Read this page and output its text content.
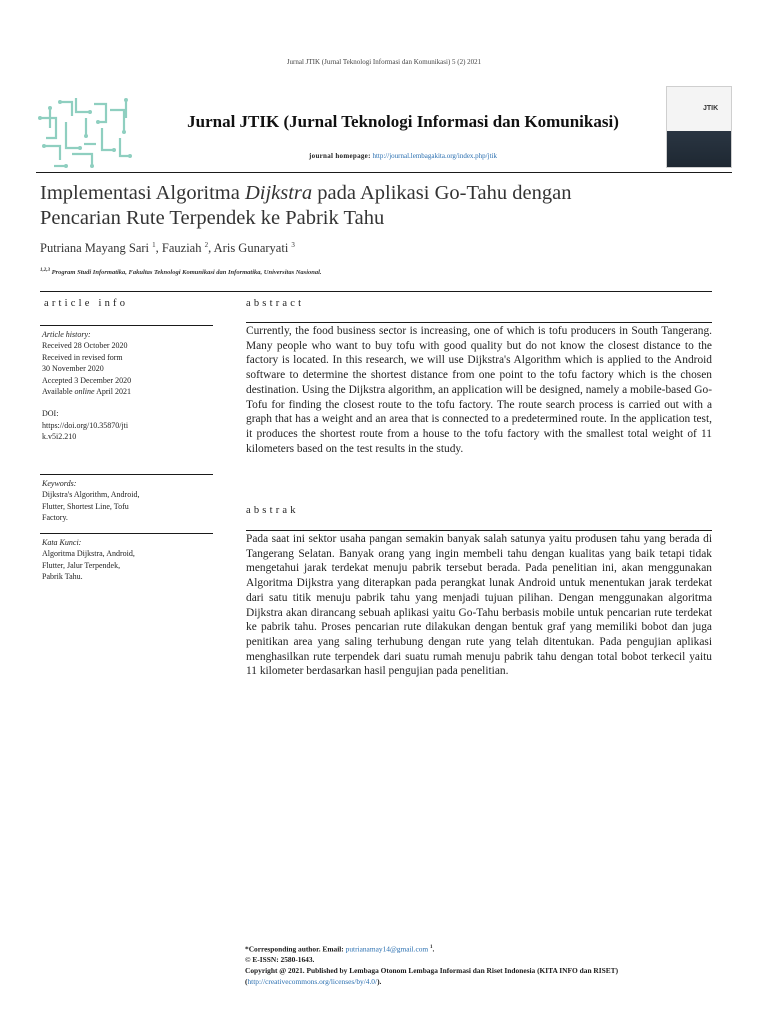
Jurnal JTIK (Jurnal Teknologi Informasi dan Komunikasi) 5 (2) 2021
Jurnal JTIK (Jurnal Teknologi Informasi dan Komunikasi)
journal homepage: http://journal.lembagakita.org/index.php/jtik
JTIK
Implementasi Algoritma Dijkstra pada Aplikasi Go-Tahu dengan
Pencarian Rute Terpendek ke Pabrik Tahu
Putriana Mayang Sari $^1$, Fauziah $^2$, Aris Gunaryati $^3$
$^{1,2,3}$ Program Studi Informatika, Fakultas Teknologi Komunikasi dan Informatika, Universitas Nasional.
article info	abstract
Article history:
Received 28 October 2020
Received in revised form
30 November 2020
Accepted 3 December 2020
Available online April 2021
DOI:
https://doi.org/10.35870/jti
k.v5i2.210
Keywords:
Dijkstra's Algorithm, Android,
Flutter, Shortest Line, Tofu
Factory.
Kata Kunci:
Algoritma Dijkstra, Android,
Flutter, Jalur Terpendek,
Pabrik Tahu.
Currently, the food business sector is increasing, one of which is tofu producers in South Tangerang. Many people who want to buy tofu with good quality but do not know the closest distance to the factory is located. In this research, we will use Dijkstra's Algorithm which is applied to the Android software to determine the shortest distance from one point to the tofu factory which is the chosen destination. Using the Dijkstra algorithm, an application will be designed, namely a mobile-based Go-Tofu for finding the closest route to the tofu factory. The route search process is carried out with a graph that has a weight and an area that is connected to a predetermined route. In the application test, it produces the shortest route from a house to the tofu factory with the smallest total weight of 11 kilometers based on the test results in the study.
abstrak
Pada saat ini sektor usaha pangan semakin banyak salah satunya yaitu produsen tahu yang berada di Tangerang Selatan. Banyak orang yang ingin membeli tahu dengan kualitas yang baik tetapi tidak mengetahui jarak terdekat menuju pabrik tersebut berada. Pada penelitian ini, akan menggunakan Algoritma Dijkstra yang diterapkan pada perangkat lunak Android untuk menentukan jarak terdekat dari satu titik menuju pabrik tahu yang menjadi tujuan pilihan. Dengan menggunakan algoritma Dijkstra akan dirancang sebuah aplikasi yaitu Go-Tahu berbasis mobile untuk pencarian rute terdekat ke pabrik tahu. Proses pencarian rute dilakukan dengan bentuk graf yang memiliki bobot dan juga penitikan area yang saling terhubung dengan rute yang telah ditentukan. Pada pengujian aplikasi menghasilkan rute terpendek dari suatu rumah menuju pabrik tahu dengan total bobot terkecil yaitu 11 kilometer berdasarkan hasil pengujian pada penelitian.
*Corresponding author. Email: putrianamay14@gmail.com $^1$.
© E-ISSN: 2580-1643.
Copyright @ 2021. Published by Lembaga Otonom Lembaga Informasi dan Riset Indonesia (KITA INFO dan RISET)
(http://creativecommons.org/licenses/by/4.0/).
